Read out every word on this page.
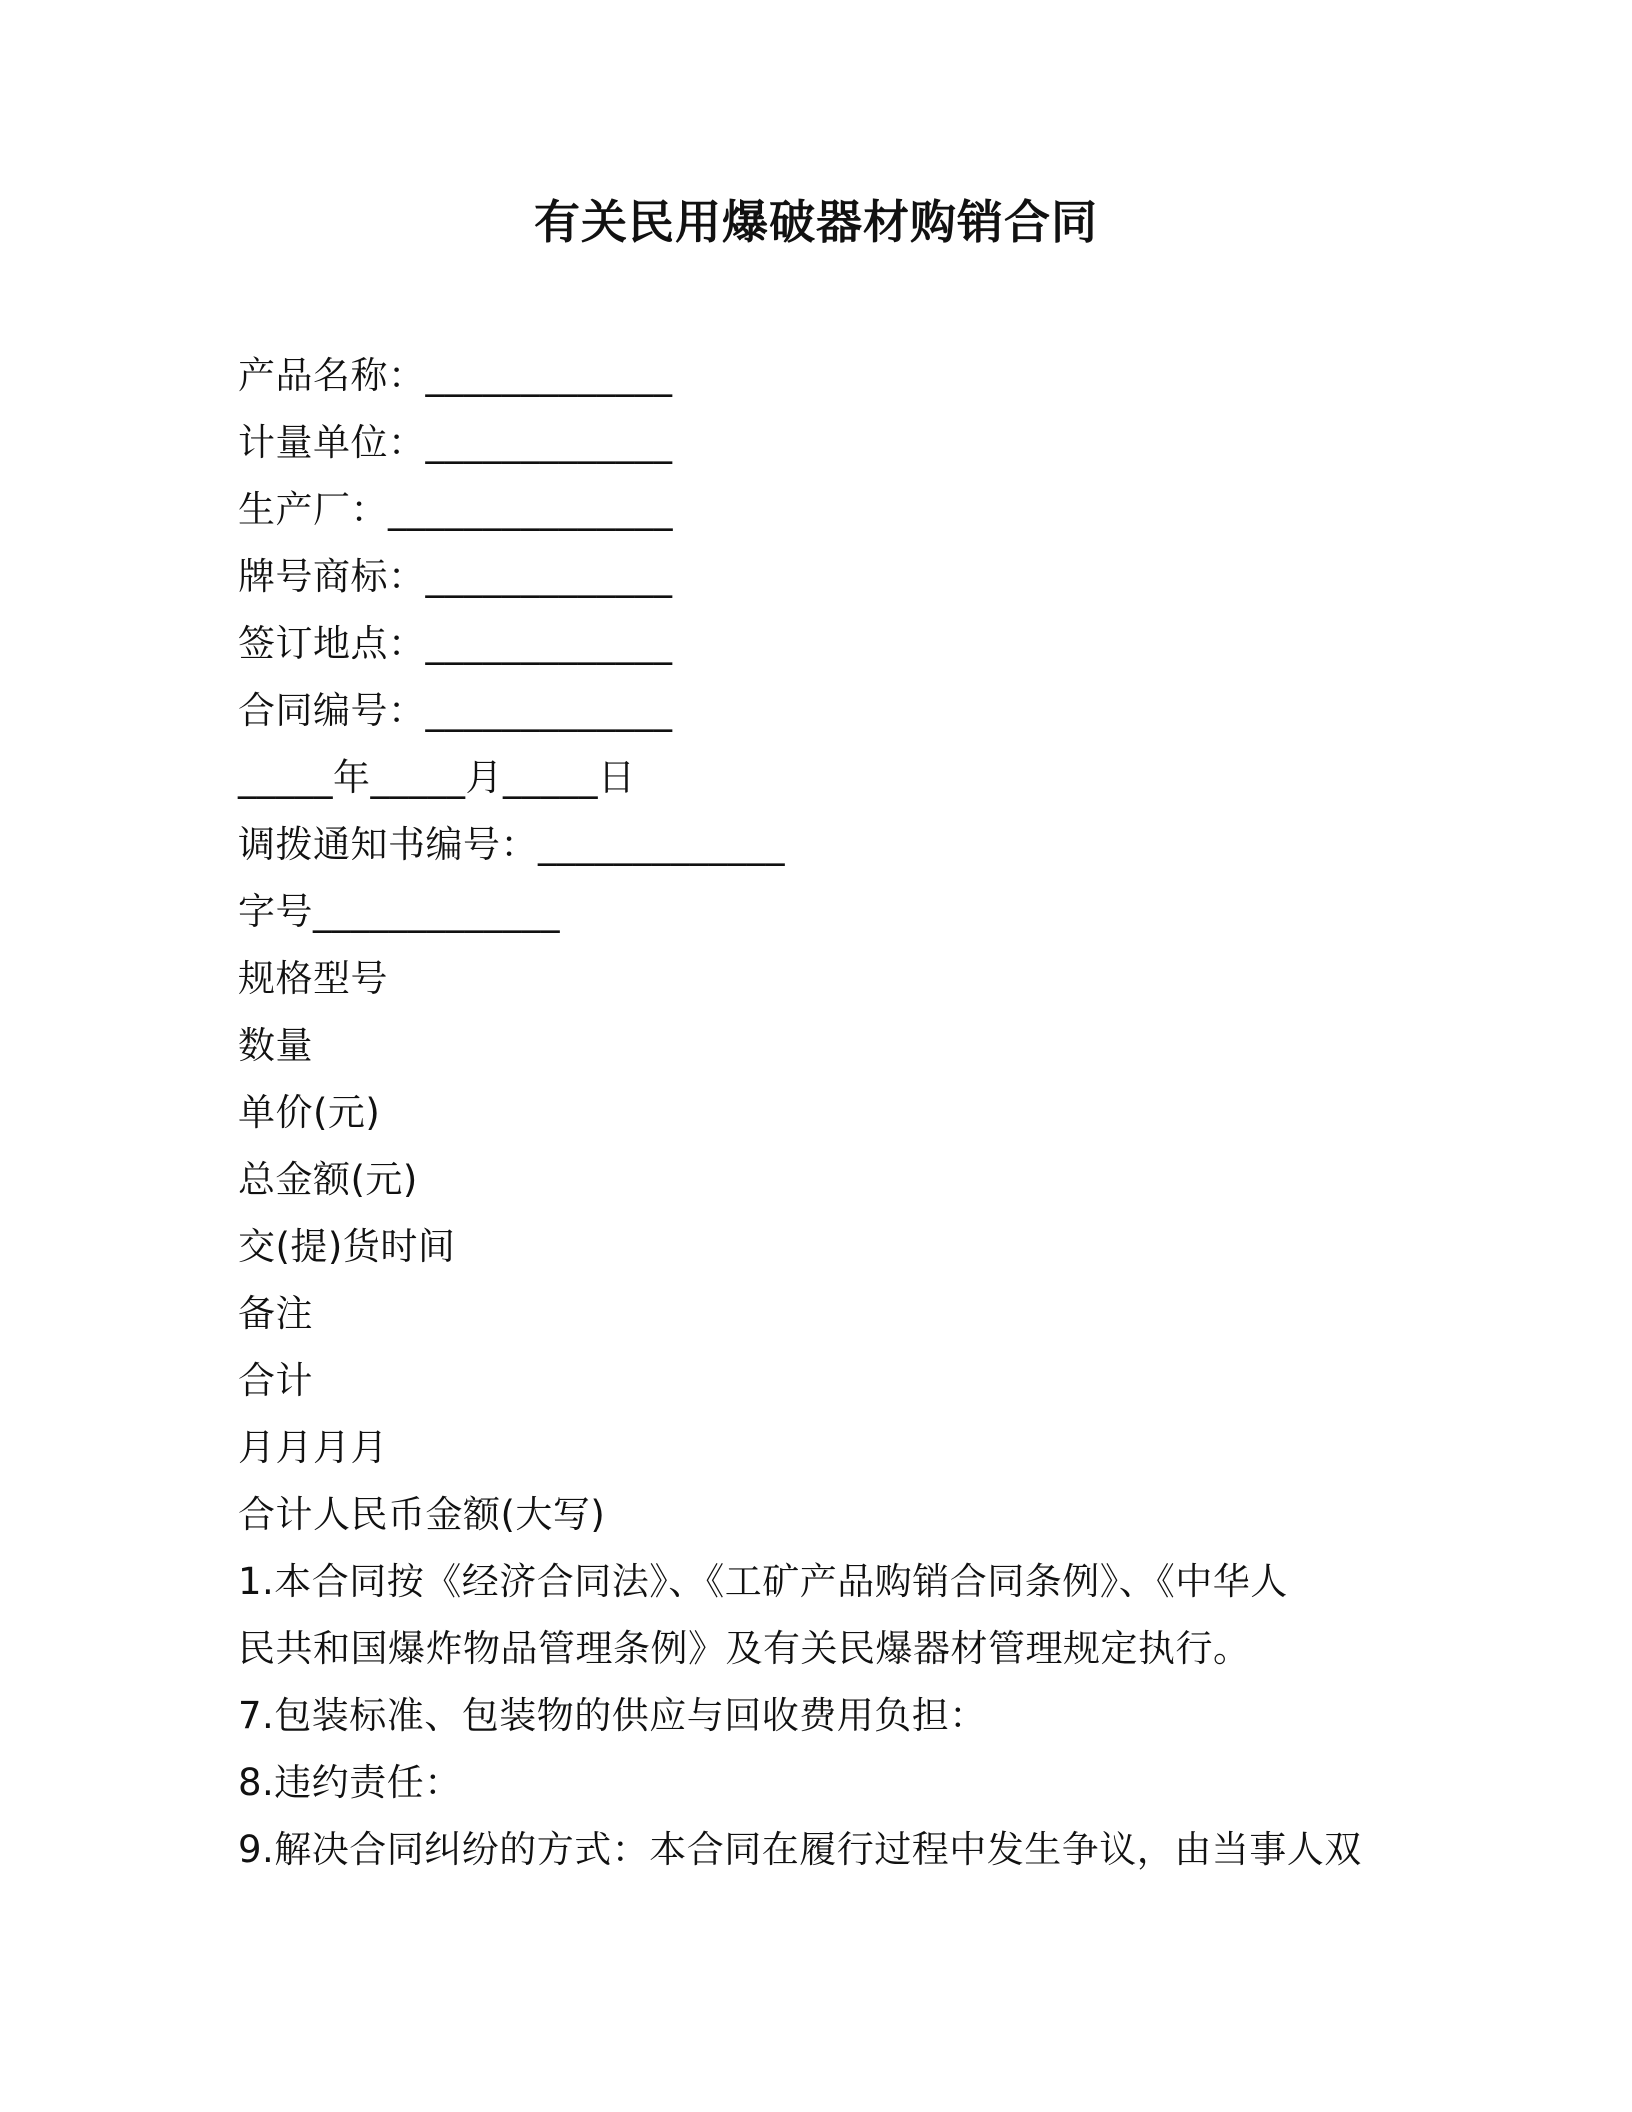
有关民用爆破器材购销合同
产品名称：_____________
计量单位：_____________
生产厂：_______________
牌号商标：_____________
签订地点：_____________
合同编号：_____________
_____年_____月_____日
调拨通知书编号：_____________
字号_____________
规格型号
数量
单价(元)
总金额(元)
交(提)货时间
备注
合计
月月月月
合计人民币金额(大写)
1.本合同按《经济合同法》、《工矿产品购销合同条例》、《中华人
民共和国爆炸物品管理条例》及有关民爆器材管理规定执行。
7.包装标准、包装物的供应与回收费用负担：
8.违约责任：
9.解决合同纠纷的方式：本合同在履行过程中发生争议，由当事人双
